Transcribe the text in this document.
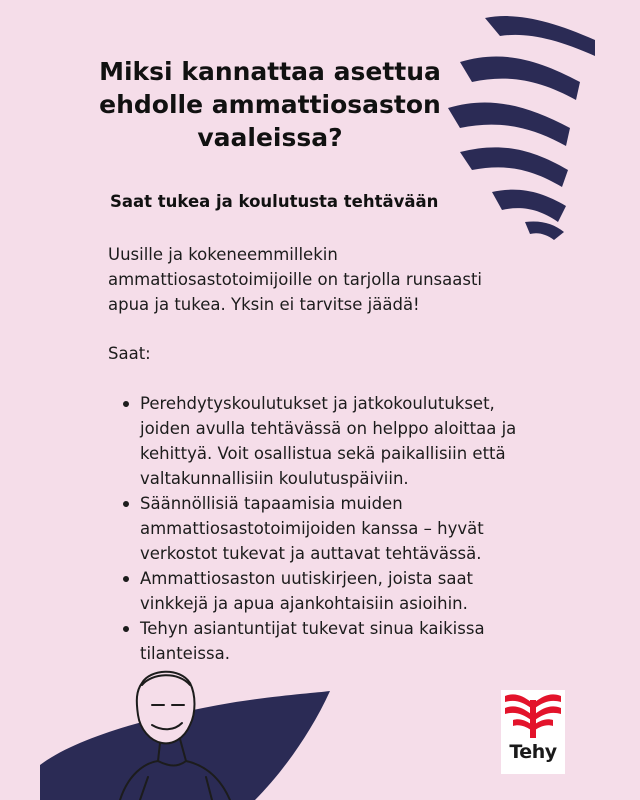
Miksi kannattaa asettua ehdolle ammattiosaston vaaleissa?
Saat tukea ja koulutusta tehtävään

Uusille ja kokeneemmillekin ammattiosastotoimijoille on tarjolla runsaasti apua ja tukea. Yksin ei tarvitse jäädä!

Saat:

Perehdytyskoulutukset ja jatkokoulutukset, joiden avulla tehtävässä on helppo aloittaa ja kehittyä. Voit osallistua sekä paikallisiin että valtakunnallisiin koulutuspäiviin.
Säännöllisiä tapaamisia muiden ammattiosastotoimijoiden kanssa – hyvät verkostot tukevat ja auttavat tehtävässä.
Ammattiosaston uutiskirjeen, joista saat vinkkejä ja apua ajankohtaisiin asioihin.
Tehyn asiantuntijat tukevat sinua kaikissa tilanteissa.
Tehy
